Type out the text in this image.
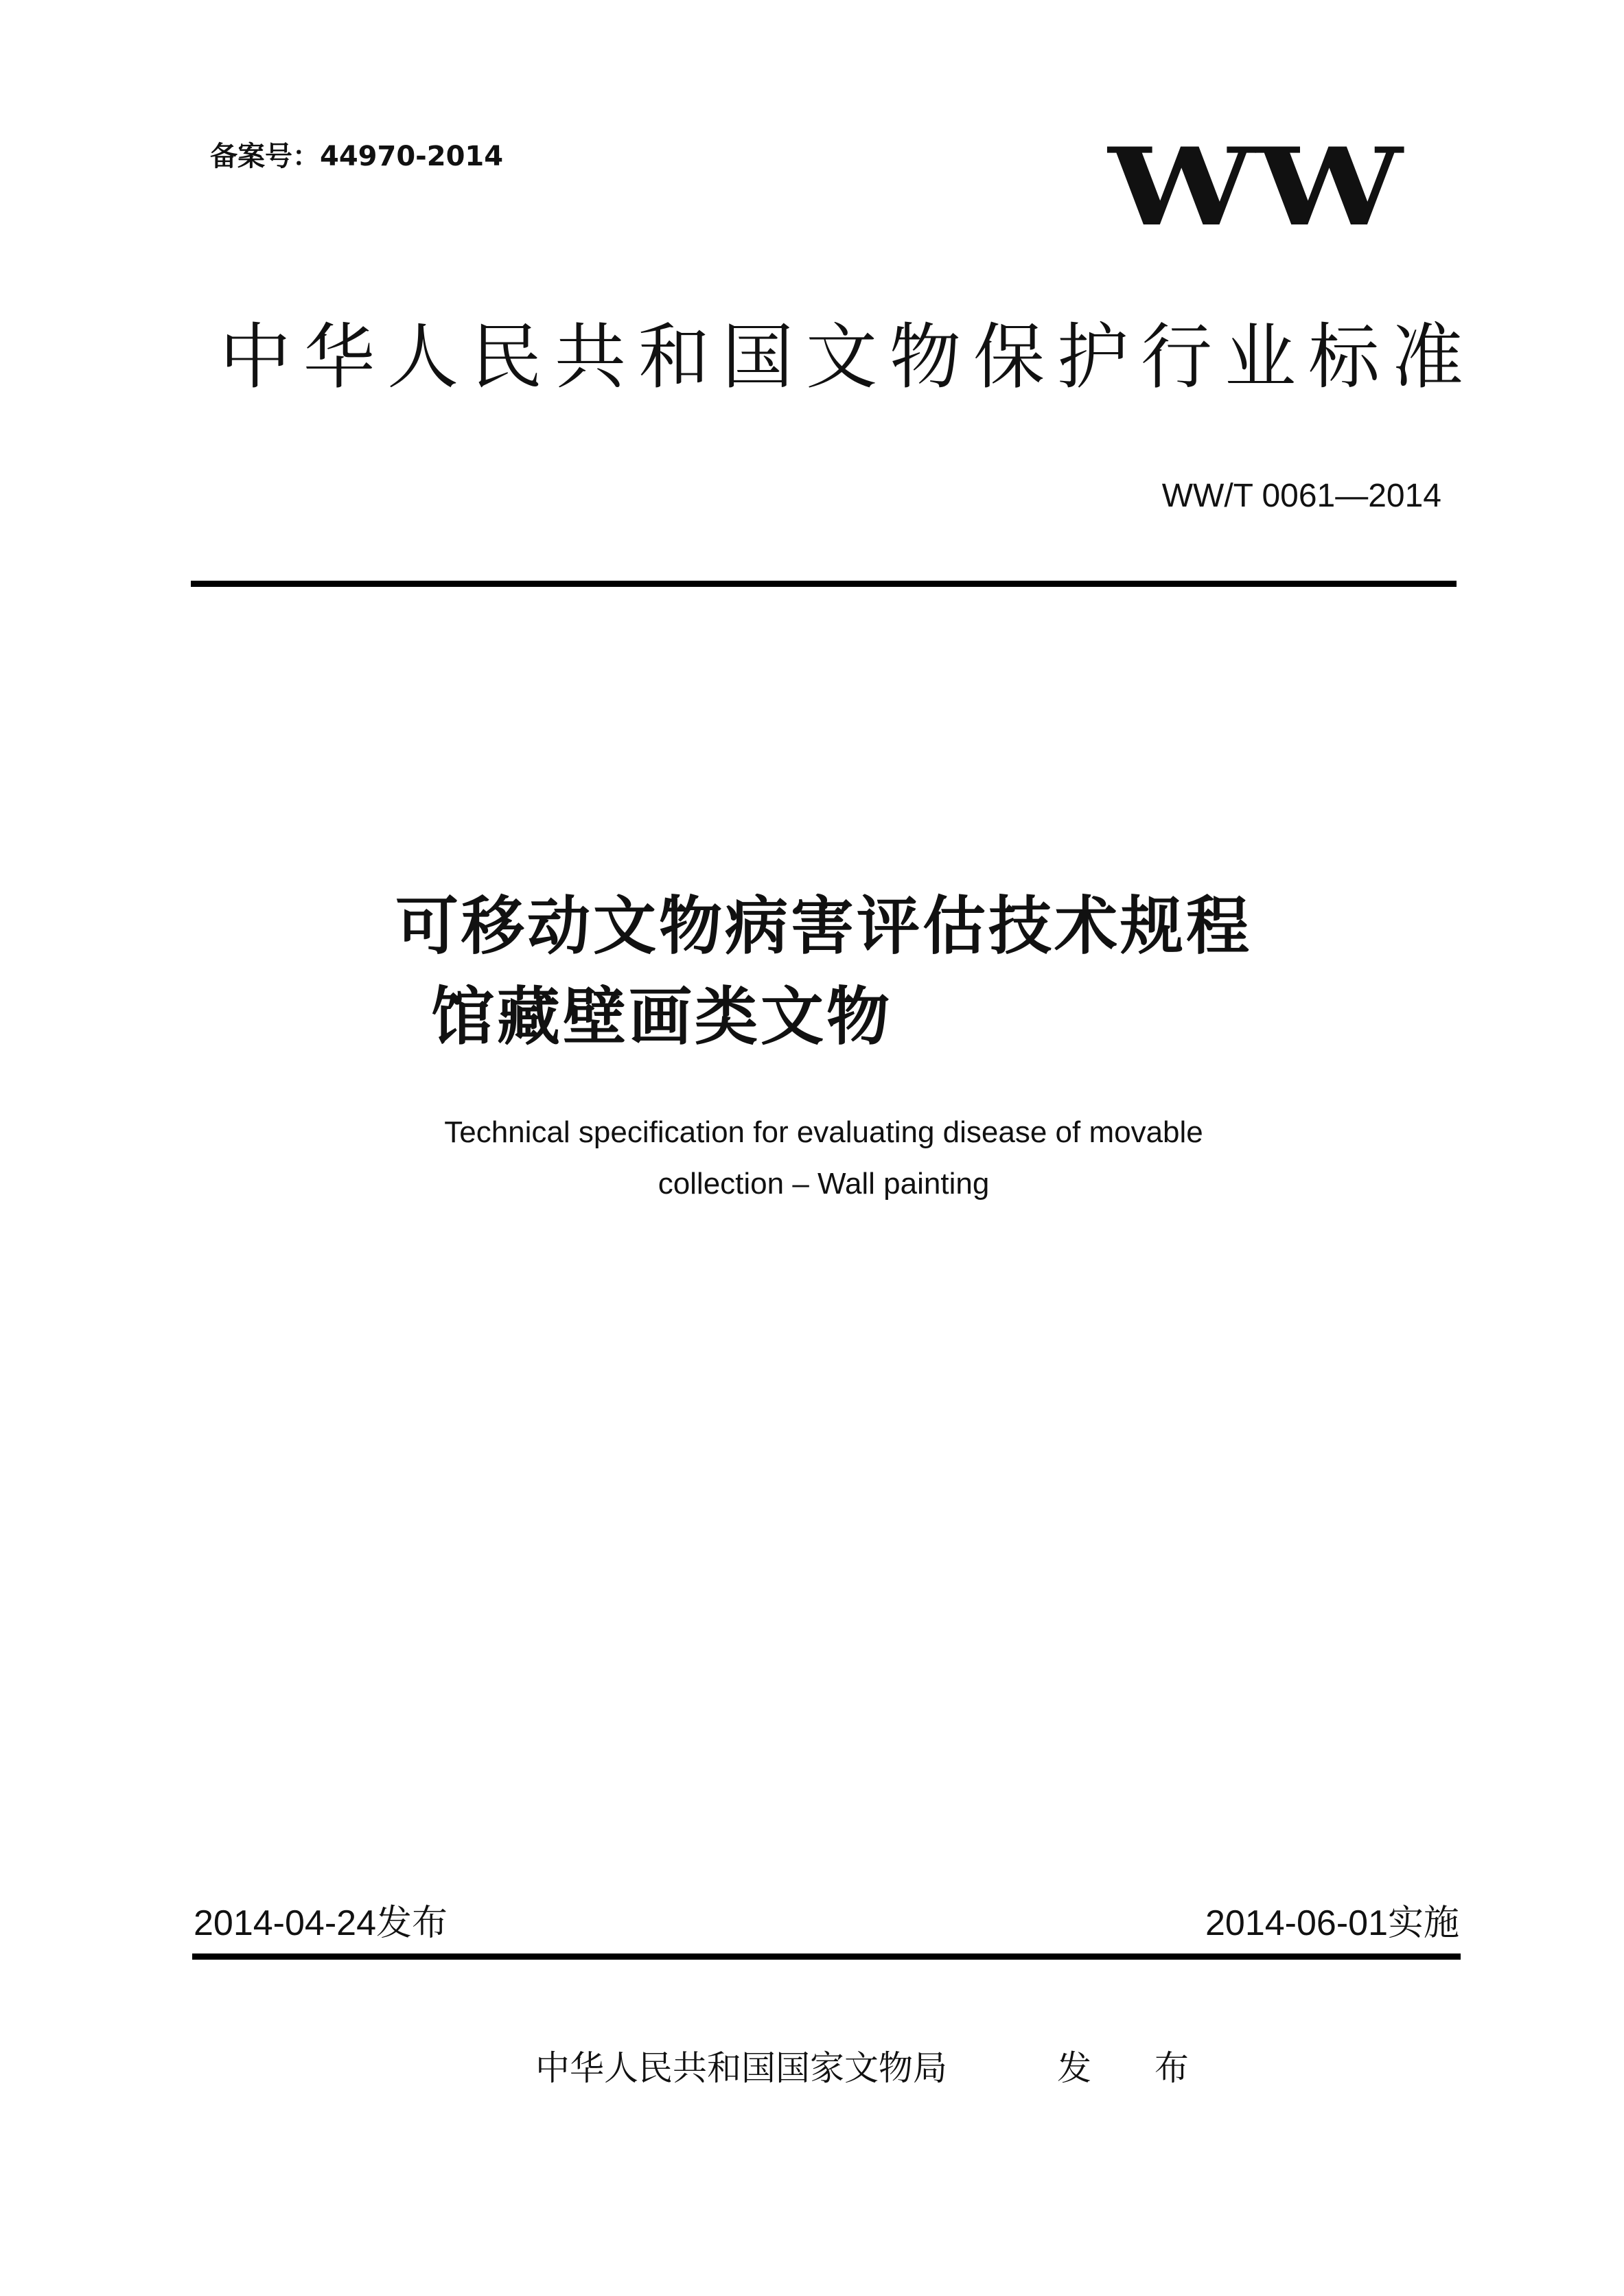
备案号：44970-2014	WW
中华人民共和国文物保护行业标准
WW/T 0061—2014
可移动文物病害评估技术规程
馆藏壁画类文物
Technical specification for evaluating disease of movable
collection – Wall painting
2014-04-24发布	2014-06-01实施
中华人民共和国国家文物局	发 布
